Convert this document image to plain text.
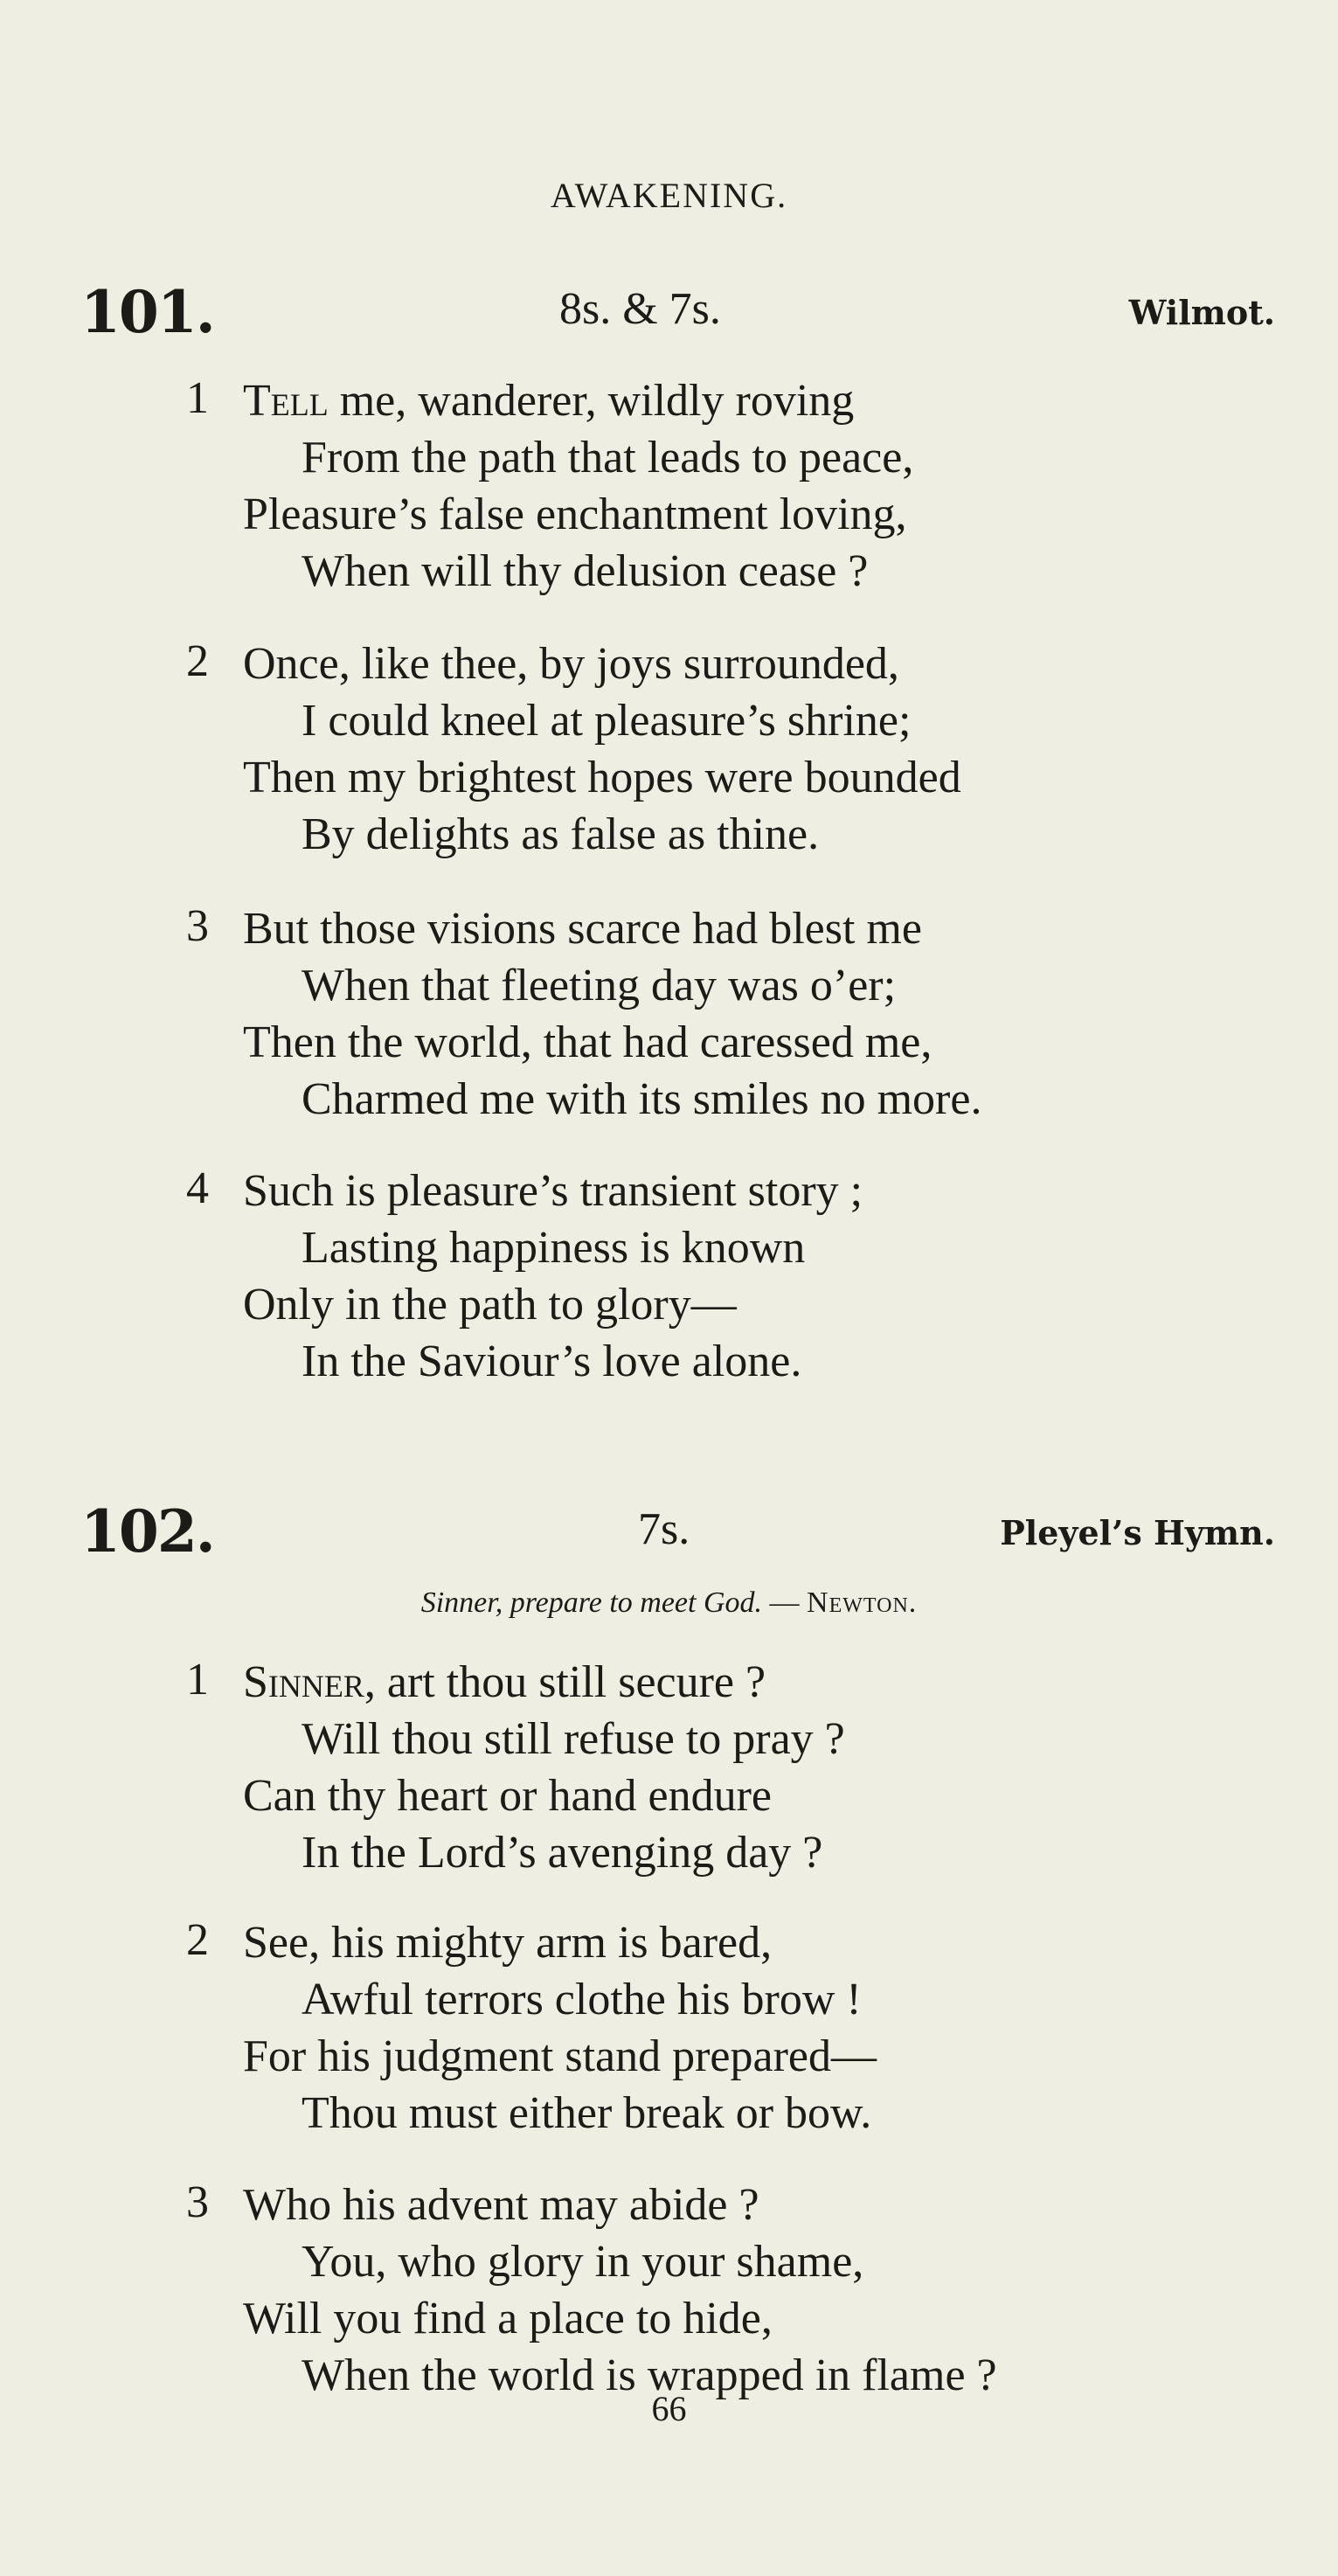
AWAKENING.
101.	8s. & 7s.	Wilmot.
1 Tell me, wanderer, wildly roving
From the path that leads to peace,
Pleasure’s false enchantment loving,
When will thy delusion cease ?
2 Once, like thee, by joys surrounded,
I could kneel at pleasure’s shrine;
Then my brightest hopes were bounded
By delights as false as thine.
3 But those visions scarce had blest me
When that fleeting day was o’er;
Then the world, that had caressed me,
Charmed me with its smiles no more.
4 Such is pleasure’s transient story ;
Lasting happiness is known
Only in the path to glory—
In the Saviour’s love alone.
102.	7s.	Pleyel’s Hymn.
Sinner, prepare to meet God. — Newton.
1 Sinner, art thou still secure ?
Will thou still refuse to pray ?
Can thy heart or hand endure
In the Lord’s avenging day ?
2 See, his mighty arm is bared,
Awful terrors clothe his brow !
For his judgment stand prepared—
Thou must either break or bow.
3 Who his advent may abide ?
You, who glory in your shame,
Will you find a place to hide,
When the world is wrapped in flame ?
66
